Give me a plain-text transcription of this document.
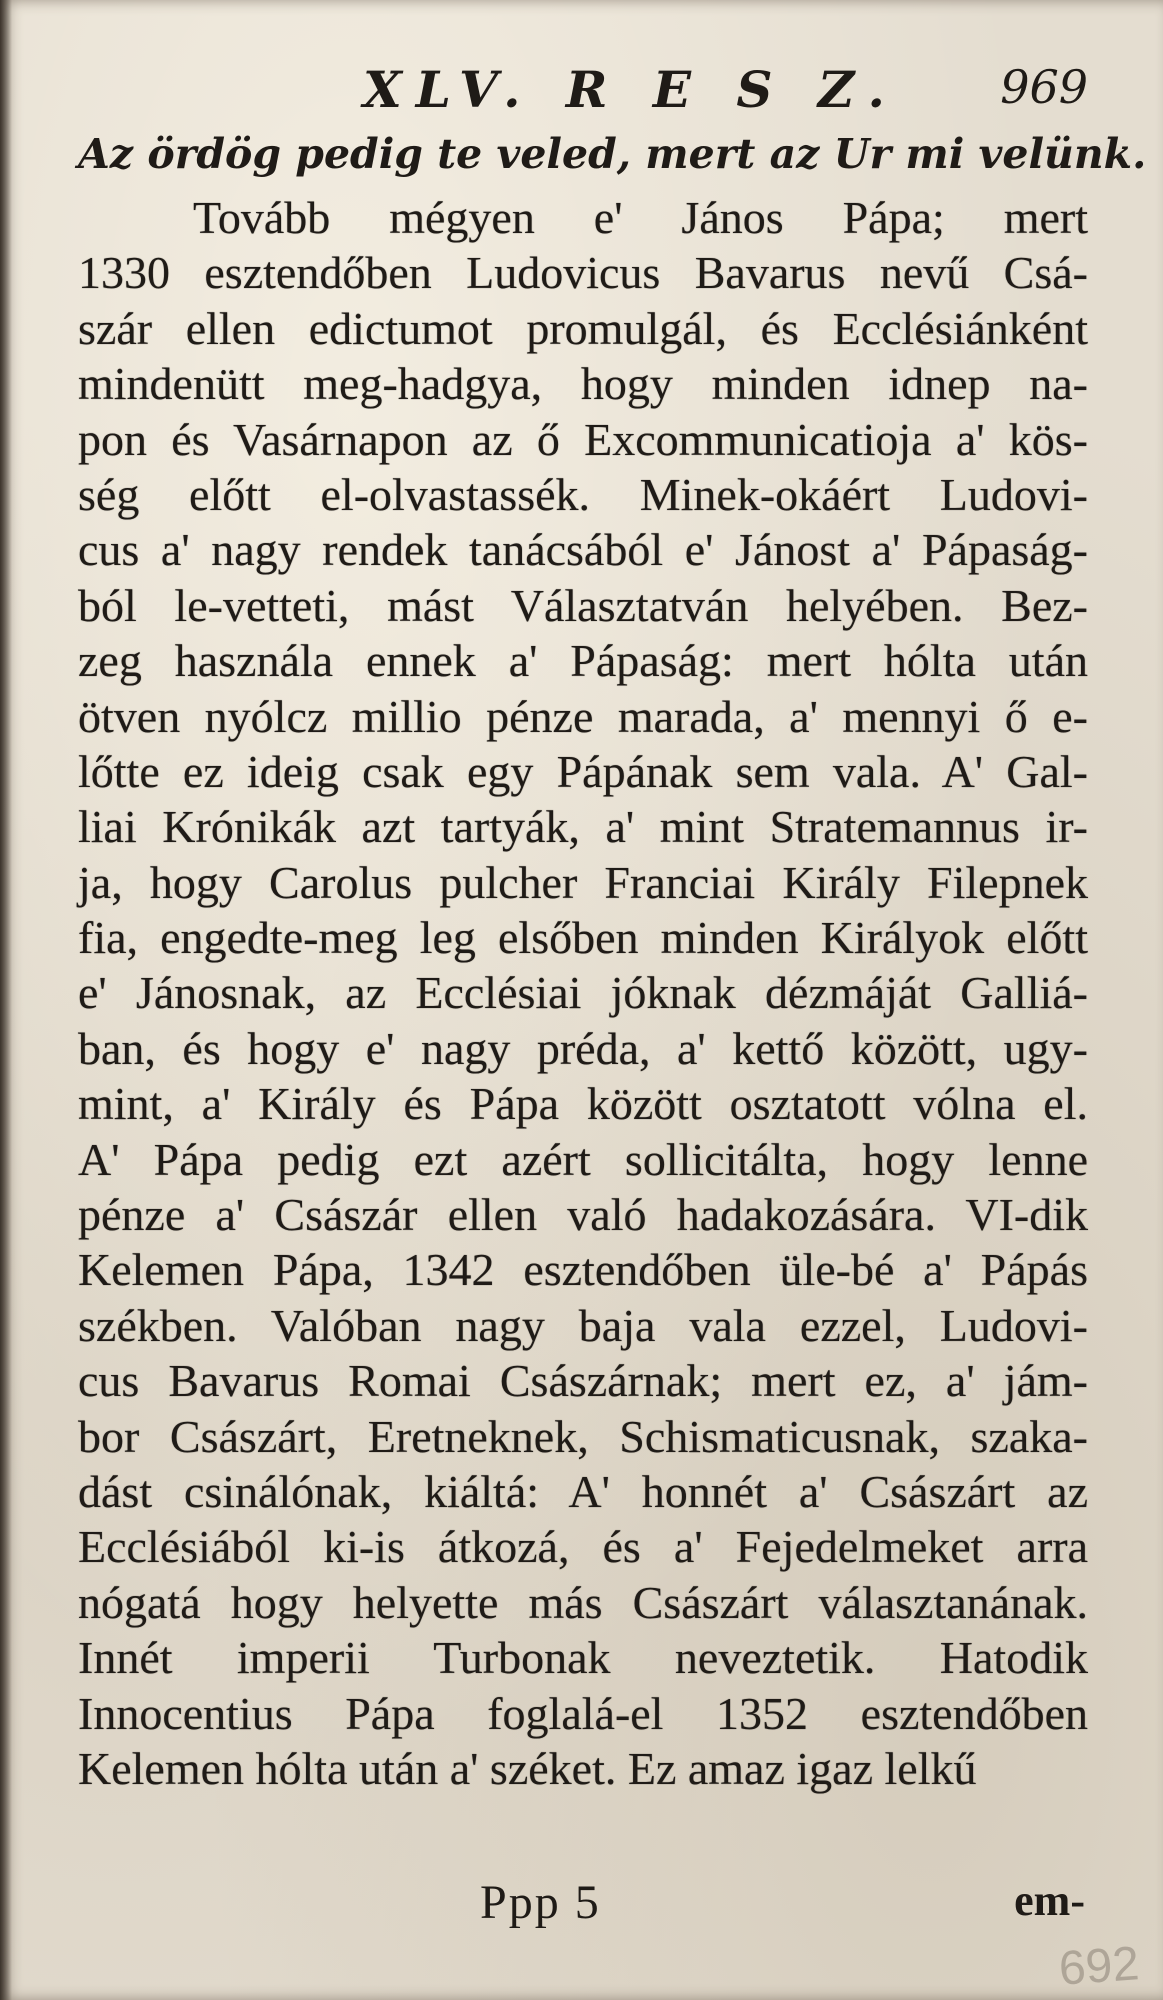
XLV. R E S Z. 969
Az ördög pedig te veled, mert az Ur mi velünk.
Tovább mégyen e' János Pápa; mert
1330 esztendőben Ludovicus Bavarus nevű Csá-
szár ellen edictumot promulgál, és Ecclésiánként
mindenütt meg-hadgya, hogy minden idnep na-
pon és Vasárnapon az ő Excommunicatioja a' kös-
ség előtt el-olvastassék. Minek-okáért Ludovi-
cus a' nagy rendek tanácsából e' Jánost a' Pápaság-
ból le-vetteti, mást Választatván helyében. Bez-
zeg használa ennek a' Pápaság: mert hólta után
ötven nyólcz millio pénze marada, a' mennyi ő e-
lőtte ez ideig csak egy Pápának sem vala. A' Gal-
liai Krónikák azt tartyák, a' mint Stratemannus ir-
ja, hogy Carolus pulcher Franciai Király Filepnek
fia, engedte-meg leg elsőben minden Királyok előtt
e' Jánosnak, az Ecclésiai jóknak dézmáját Galliá-
ban, és hogy e' nagy préda, a' kettő között, ugy-
mint, a' Király és Pápa között osztatott vólna el.
A' Pápa pedig ezt azért sollicitálta, hogy lenne
pénze a' Császár ellen való hadakozására. VI-dik
Kelemen Pápa, 1342 esztendőben üle-bé a' Pápás
székben. Valóban nagy baja vala ezzel, Ludovi-
cus Bavarus Romai Császárnak; mert ez, a' jám-
bor Császárt, Eretneknek, Schismaticusnak, szaka-
dást csinálónak, kiáltá: A' honnét a' Császárt az
Ecclésiából ki-is átkozá, és a' Fejedelmeket arra
nógatá hogy helyette más Császárt választanának.
Innét imperii Turbonak neveztetik. Hatodik
Innocentius Pápa foglalá-el 1352 esztendőben
Kelemen hólta után a' széket. Ez amaz igaz lelkű
Ppp 5	em-
692
